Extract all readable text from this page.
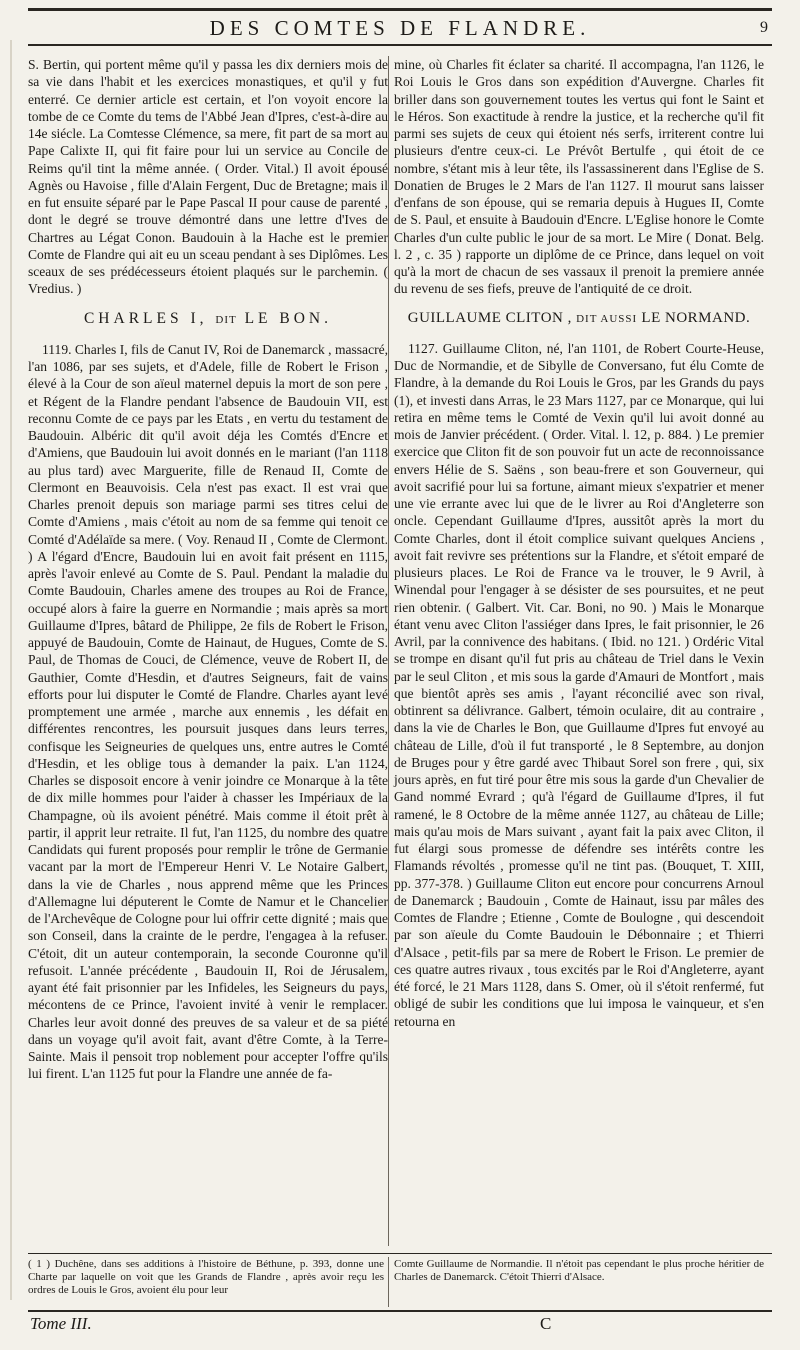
DES COMTES DE FLANDRE.	9

S. Bertin, qui portent même qu'il y passa les dix derniers mois de sa vie dans l'habit et les exercices monastiques, et qu'il y fut enterré. Ce dernier article est certain, et l'on voyoit encore la tombe de ce Comte du tems de l'Abbé Jean d'Ipres, c'est-à-dire au 14e siécle. La Comtesse Clémence, sa mere, fit part de sa mort au Pape Calixte II, qui fit faire pour lui un service au Concile de Reims qu'il tint la même année. ( Order. Vital.) Il avoit épousé Agnès ou Havoise , fille d'Alain Fergent, Duc de Bretagne; mais il en fut ensuite séparé par le Pape Pascal II pour cause de parenté , dont le degré se trouve démontré dans une lettre d'Ives de Chartres au Légat Conon. Baudouin à la Hache est le premier Comte de Flandre qui ait eu un sceau pendant à ses Diplômes. Les sceaux de ses prédécesseurs étoient plaqués sur le parchemin. ( Vredius. )

CHARLES I, DIT LE BON.

1119. Charles I, fils de Canut IV, Roi de Danemarck , massacré, l'an 1086, par ses sujets, et d'Adele, fille de Robert le Frison , élevé à la Cour de son aïeul maternel depuis la mort de son pere , et Régent de la Flandre pendant l'absence de Baudouin VII, est reconnu Comte de ce pays par les Etats , en vertu du testament de Baudouin. Albéric dit qu'il avoit déja les Comtés d'Encre et d'Amiens, que Baudouin lui avoit donnés en le mariant (l'an 1118 au plus tard) avec Marguerite, fille de Renaud II, Comte de Clermont en Beauvoisis. Cela n'est pas exact. Il est vrai que Charles prenoit depuis son mariage parmi ses titres celui de Comte d'Amiens , mais c'étoit au nom de sa femme qui tenoit ce Comté d'Adélaïde sa mere. ( Voy. Renaud II , Comte de Clermont. ) A l'égard d'Encre, Baudouin lui en avoit fait présent en 1115, après l'avoir enlevé au Comte de S. Paul. Pendant la maladie du Comte Baudouin, Charles amene des troupes au Roi de France, occupé alors à faire la guerre en Normandie ; mais après sa mort Guillaume d'Ipres, bâtard de Philippe, 2e fils de Robert le Frison, appuyé de Baudouin, Comte de Hainaut, de Hugues, Comte de S. Paul, de Thomas de Couci, de Clémence, veuve de Robert II, de Gauthier, Comte d'Hesdin, et d'autres Seigneurs, fait de vains efforts pour lui disputer le Comté de Flandre. Charles ayant levé promptement une armée , marche aux ennemis , les défait en différentes rencontres, les poursuit jusques dans leurs terres, confisque les Seigneuries de quelques uns, entre autres le Comté d'Hesdin, et les oblige tous à demander la paix. L'an 1124, Charles se disposoit encore à venir joindre ce Monarque à la tête de dix mille hommes pour l'aider à chasser les Impériaux de la Champagne, où ils avoient pénétré. Mais comme il étoit prêt à partir, il apprit leur retraite. Il fut, l'an 1125, du nombre des quatre Candidats qui furent proposés pour remplir le trône de Germanie vacant par la mort de l'Empereur Henri V. Le Notaire Galbert, dans la vie de Charles , nous apprend même que les Princes d'Allemagne lui députerent le Comte de Namur et le Chancelier de l'Archevêque de Cologne pour lui offrir cette dignité ; mais que son Conseil, dans la crainte de le perdre, l'engagea à la refuser. C'étoit, dit un auteur contemporain, la seconde Couronne qu'il refusoit. L'année précédente , Baudouin II, Roi de Jérusalem, ayant été fait prisonnier par les Infideles, les Seigneurs du pays, mécontens de ce Prince, l'avoient invité à venir le remplacer. Charles leur avoit donné des preuves de sa valeur et de sa piété dans un voyage qu'il avoit fait, avant d'être Comte, à la Terre-Sainte. Mais il pensoit trop noblement pour accepter l'offre qu'ils lui firent. L'an 1125 fut pour la Flandre une année de fa-

mine, où Charles fit éclater sa charité. Il accompagna, l'an 1126, le Roi Louis le Gros dans son expédition d'Auvergne. Charles fit briller dans son gouvernement toutes les vertus qui font le Saint et le Héros. Son exactitude à rendre la justice, et la recherche qu'il fit parmi ses sujets de ceux qui étoient nés serfs, irriterent contre lui plusieurs d'entre ceux-ci. Le Prévôt Bertulfe , qui étoit de ce nombre, s'étant mis à leur tête, ils l'assassinerent dans l'Eglise de S. Donatien de Bruges le 2 Mars de l'an 1127. Il mourut sans laisser d'enfans de son épouse, qui se remaria depuis à Hugues II, Comte de S. Paul, et ensuite à Baudouin d'Encre. L'Eglise honore le Comte Charles d'un culte public le jour de sa mort. Le Mire ( Donat. Belg. l. 2 , c. 35 ) rapporte un diplôme de ce Prince, dans lequel on voit qu'à la mort de chacun de ses vassaux il prenoit la premiere année du revenu de ses fiefs, preuve de l'antiquité de ce droit.

GUILLAUME CLITON , DIT AUSSI LE NORMAND.

1127. Guillaume Cliton, né, l'an 1101, de Robert Courte-Heuse, Duc de Normandie, et de Sibylle de Conversano, fut élu Comte de Flandre, à la demande du Roi Louis le Gros, par les Grands du pays (1), et investi dans Arras, le 23 Mars 1127, par ce Monarque, qui lui retira en même tems le Comté de Vexin qu'il lui avoit donné au mois de Janvier précédent. ( Order. Vital. l. 12, p. 884. ) Le premier exercice que Cliton fit de son pouvoir fut un acte de reconnoissance envers Hélie de S. Saëns , son beau-frere et son Gouverneur, qui avoit sacrifié pour lui sa fortune, aimant mieux s'expatrier et mener une vie errante avec lui que de le livrer au Roi d'Angleterre son oncle. Cependant Guillaume d'Ipres, aussitôt après la mort du Comte Charles, dont il étoit complice suivant quelques Anciens , avoit fait revivre ses prétentions sur la Flandre, et s'étoit emparé de plusieurs places. Le Roi de France va le trouver, le 9 Avril, à Winendal pour l'engager à se désister de ses poursuites, et ne peut rien obtenir. ( Galbert. Vit. Car. Boni, no 90. ) Mais le Monarque étant venu avec Cliton l'assiéger dans Ipres, le fait prisonnier, le 26 Avril, par la connivence des habitans. ( Ibid. no 121. ) Ordéric Vital se trompe en disant qu'il fut pris au château de Triel dans le Vexin par le seul Cliton , et mis sous la garde d'Amauri de Montfort , mais que bientôt après ses amis , l'ayant réconcilié avec son rival, obtinrent sa délivrance. Galbert, témoin oculaire, dit au contraire , dans la vie de Charles le Bon, que Guillaume d'Ipres fut envoyé au château de Lille, d'où il fut transporté , le 8 Septembre, au donjon de Bruges pour y être gardé avec Thibaut Sorel son frere , qui, six jours après, en fut tiré pour être mis sous la garde d'un Chevalier de Gand nommé Evrard ; qu'à l'égard de Guillaume d'Ipres, il fut ramené, le 8 Octobre de la même année 1127, au château de Lille; mais qu'au mois de Mars suivant , ayant fait la paix avec Cliton, il fut élargi sous promesse de défendre ses intérêts contre les Flamands révoltés , promesse qu'il ne tint pas. (Bouquet, T. XIII, pp. 377-378. ) Guillaume Cliton eut encore pour concurrens Arnoul de Danemarck ; Baudouin , Comte de Hainaut, issu par mâles des Comtes de Flandre ; Etienne , Comte de Boulogne , qui descendoit par son aïeule du Comte Baudouin le Débonnaire ; et Thierri d'Alsace , petit-fils par sa mere de Robert le Frison. Le premier de ces quatre autres rivaux , tous excités par le Roi d'Angleterre, ayant été forcé, le 21 Mars 1128, dans S. Omer, où il s'étoit renfermé, fut obligé de subir les conditions que lui imposa le vainqueur, et s'en retourna en

( 1 ) Duchêne, dans ses additions à l'histoire de Béthune, p. 393, donne une Charte par laquelle on voit que les Grands de Flandre , après avoir reçu les ordres de Louis le Gros, avoient élu pour leur
Comte Guillaume de Normandie. Il n'étoit pas cependant le plus proche héritier de Charles de Danemarck. C'étoit Thierri d'Alsace.
Tome III.	C
